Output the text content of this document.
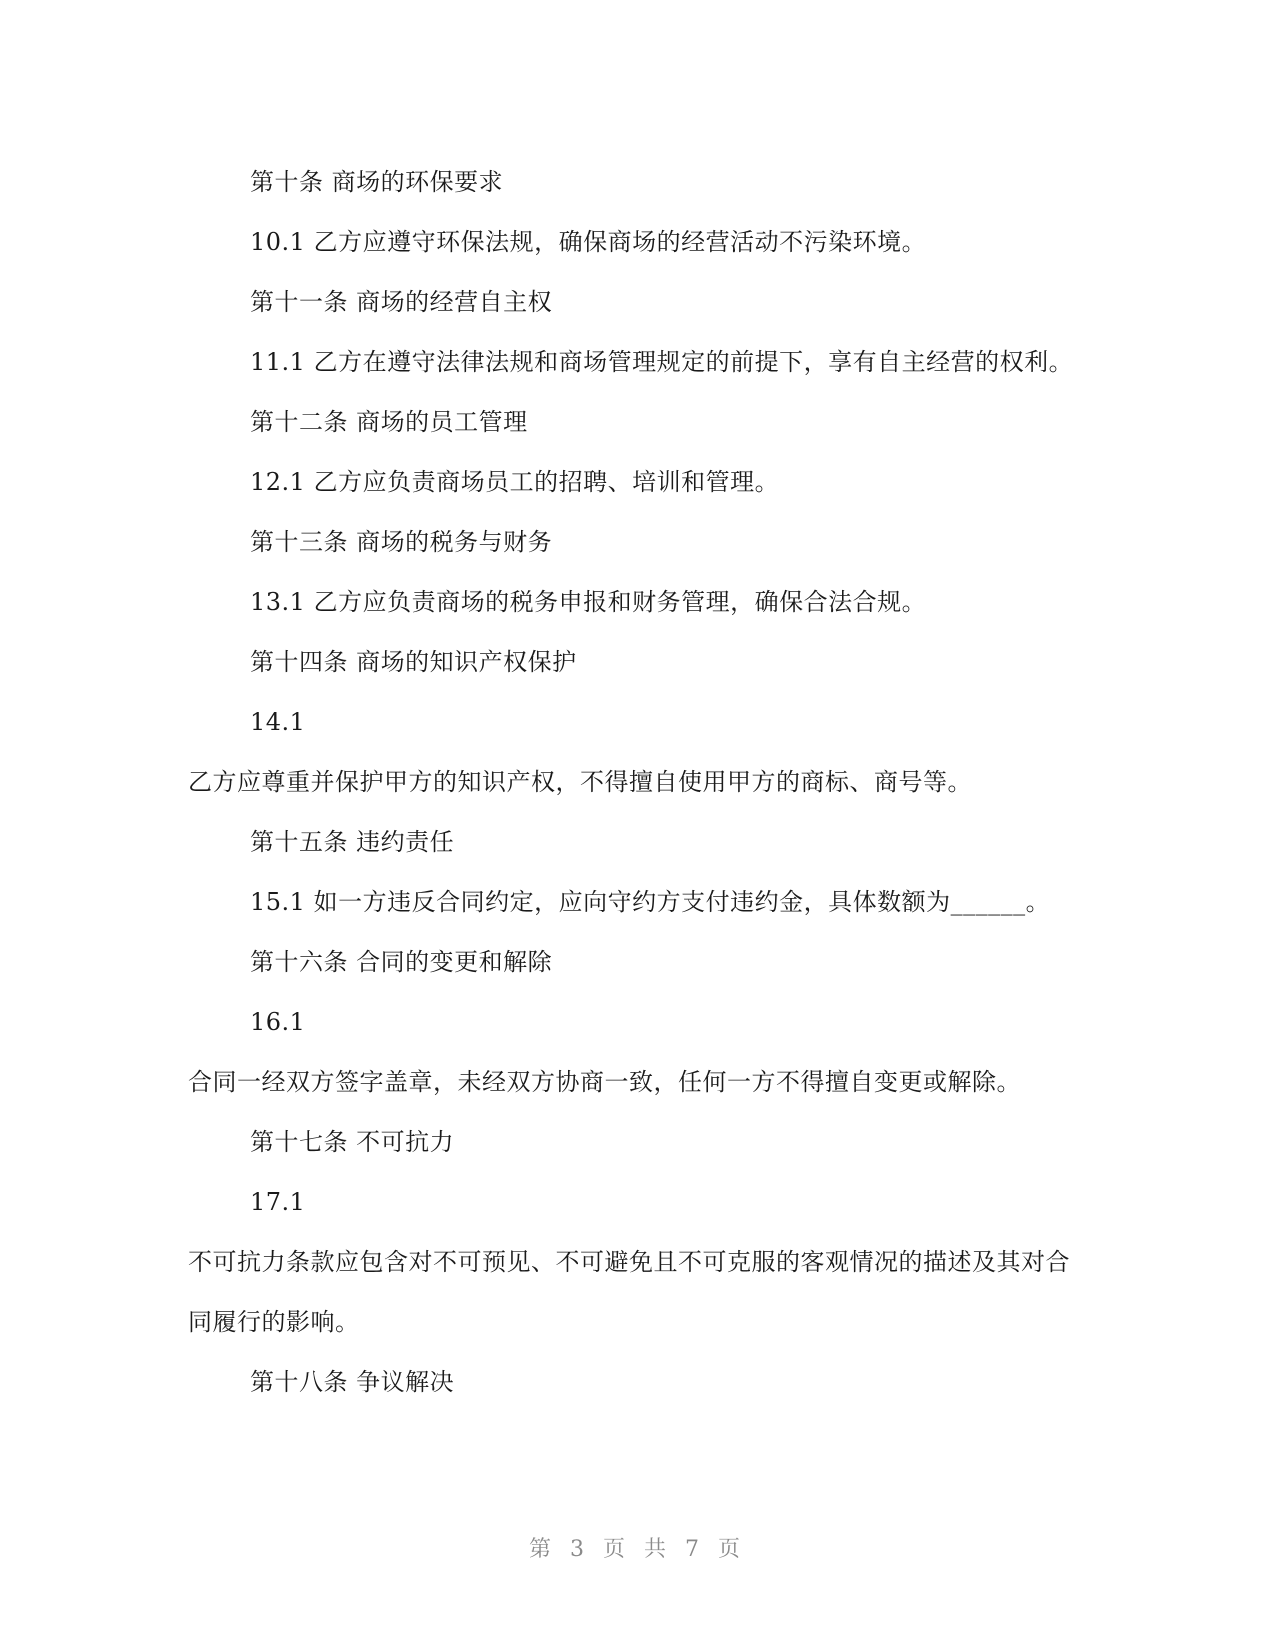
第十条 商场的环保要求
10.1 乙方应遵守环保法规，确保商场的经营活动不污染环境。
第十一条 商场的经营自主权
11.1 乙方在遵守法律法规和商场管理规定的前提下，享有自主经营的权利。
第十二条 商场的员工管理
12.1 乙方应负责商场员工的招聘、培训和管理。
第十三条 商场的税务与财务
13.1 乙方应负责商场的税务申报和财务管理，确保合法合规。
第十四条 商场的知识产权保护
14.1
乙方应尊重并保护甲方的知识产权，不得擅自使用甲方的商标、商号等。
第十五条 违约责任
15.1 如一方违反合同约定，应向守约方支付违约金，具体数额为______。
第十六条 合同的变更和解除
16.1
合同一经双方签字盖章，未经双方协商一致，任何一方不得擅自变更或解除。
第十七条 不可抗力
17.1
不可抗力条款应包含对不可预见、不可避免且不可克服的客观情况的描述及其对合
同履行的影响。
第十八条 争议解决
第 3 页 共 7 页
